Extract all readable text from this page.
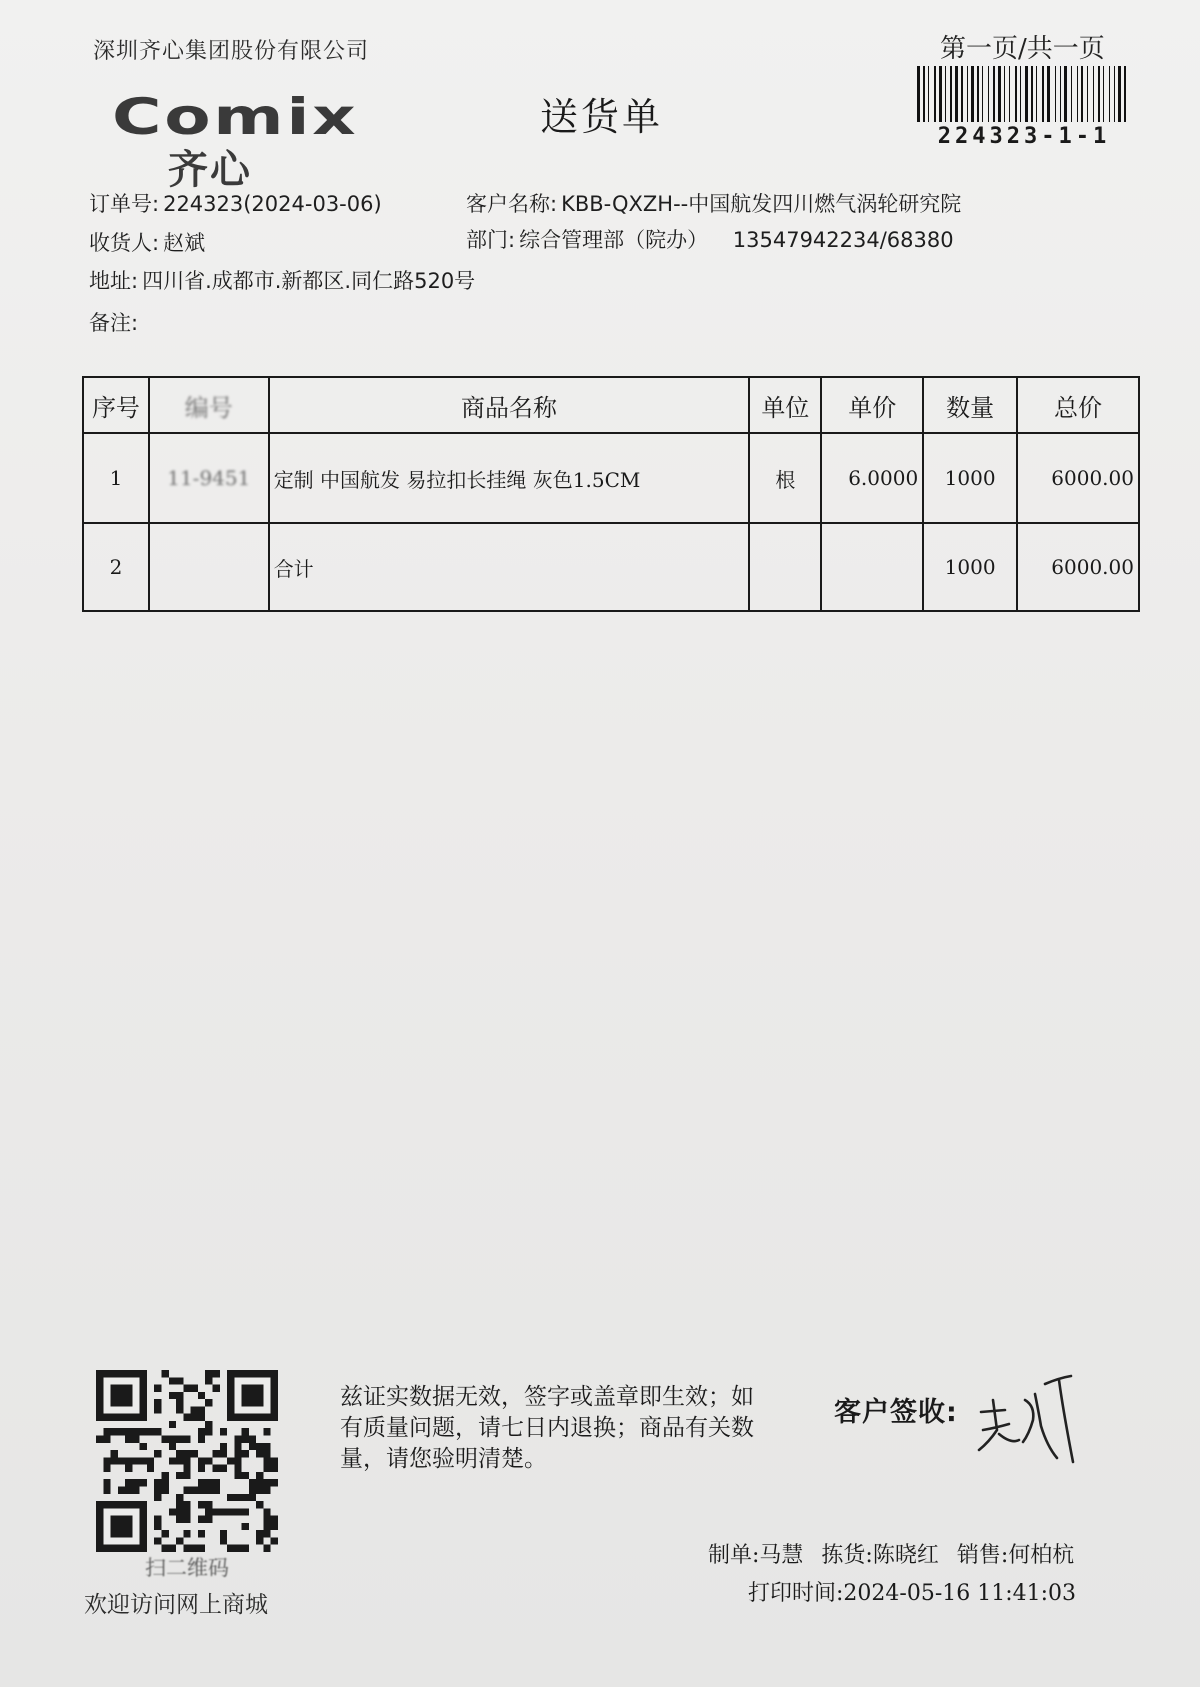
深圳齐心集团股份有限公司	第一页/共一页
224323-1-1
Comix
齐心
送货单
订单号: 224323(2024-03-06)	客户名称: KBB-QXZH--中国航发四川燃气涡轮研究院
收货人: 赵斌	部门: 综合管理部（院办） 13547942234/68380
地址: 四川省.成都市.新都区.同仁路520号
备注:
序号	编号	商品名称	单位	单价	数量	总价
1	11-9451	定制 中国航发 易拉扣长挂绳 灰色1.5CM	根	6.0000	1000	6000.00
2		合计			1000	6000.00
扫二维码
欢迎访问网上商城
兹证实数据无效，签字或盖章即生效；如有质量问题，请七日内退换；商品有关数量，请您验明清楚。
客户签收:
制单:马慧 拣货:陈晓红 销售:何柏杭
打印时间:2024-05-16 11:41:03
